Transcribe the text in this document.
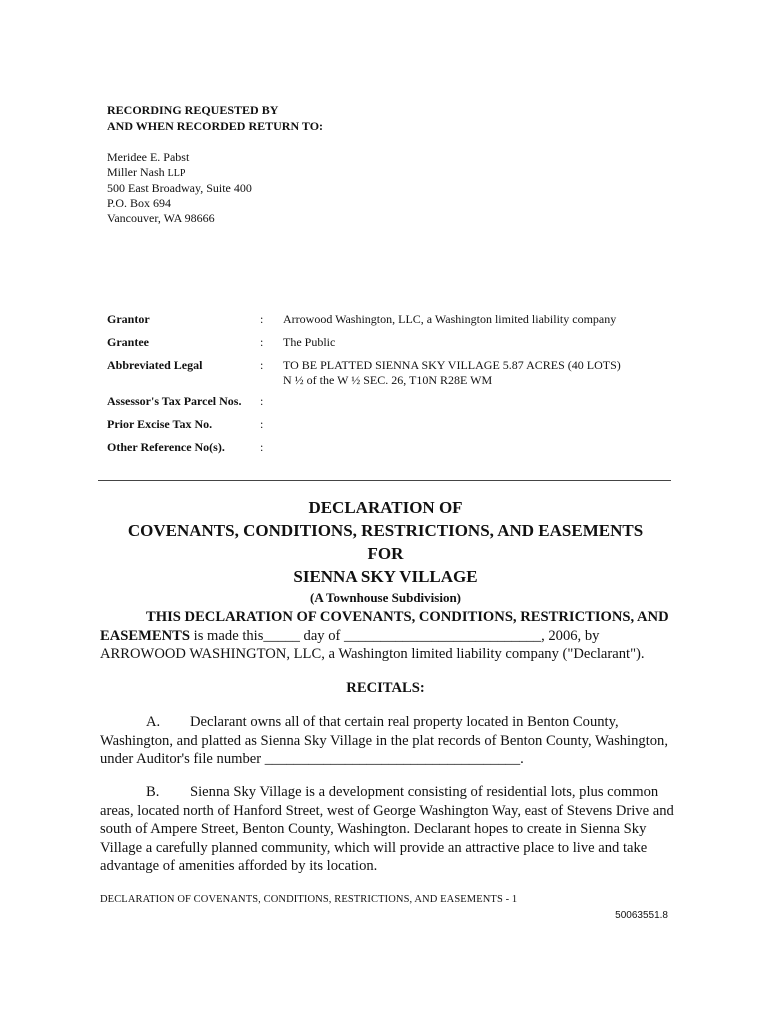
RECORDING REQUESTED BY
AND WHEN RECORDED RETURN TO:
Meridee E. Pabst
Miller Nash LLP
500 East Broadway, Suite 400
P.O. Box 694
Vancouver, WA 98666
Grantor	: Arrowood Washington, LLC, a Washington limited liability company
Grantee	: The Public
Abbreviated Legal	: TO BE PLATTED SIENNA SKY VILLAGE 5.87 ACRES (40 LOTS)
N ½ of the W ½ SEC. 26, T10N R28E WM
Assessor's Tax Parcel Nos.	:
Prior Excise Tax No.	:
Other Reference No(s).	:
DECLARATION OF
COVENANTS, CONDITIONS, RESTRICTIONS, AND EASEMENTS
FOR
SIENNA SKY VILLAGE
(A Townhouse Subdivision)
THIS DECLARATION OF COVENANTS, CONDITIONS, RESTRICTIONS, AND EASEMENTS is made this_____ day of ___________________________, 2006, by ARROWOOD WASHINGTON, LLC, a Washington limited liability company ("Declarant").
RECITALS:
A. Declarant owns all of that certain real property located in Benton County, Washington, and platted as Sienna Sky Village in the plat records of Benton County, Washington, under Auditor's file number ___________________________________.
B. Sienna Sky Village is a development consisting of residential lots, plus common areas, located north of Hanford Street, west of George Washington Way, east of Stevens Drive and south of Ampere Street, Benton County, Washington. Declarant hopes to create in Sienna Sky Village a carefully planned community, which will provide an attractive place to live and take advantage of amenities afforded by its location.
DECLARATION OF COVENANTS, CONDITIONS, RESTRICTIONS, AND EASEMENTS - 1
50063551.8
